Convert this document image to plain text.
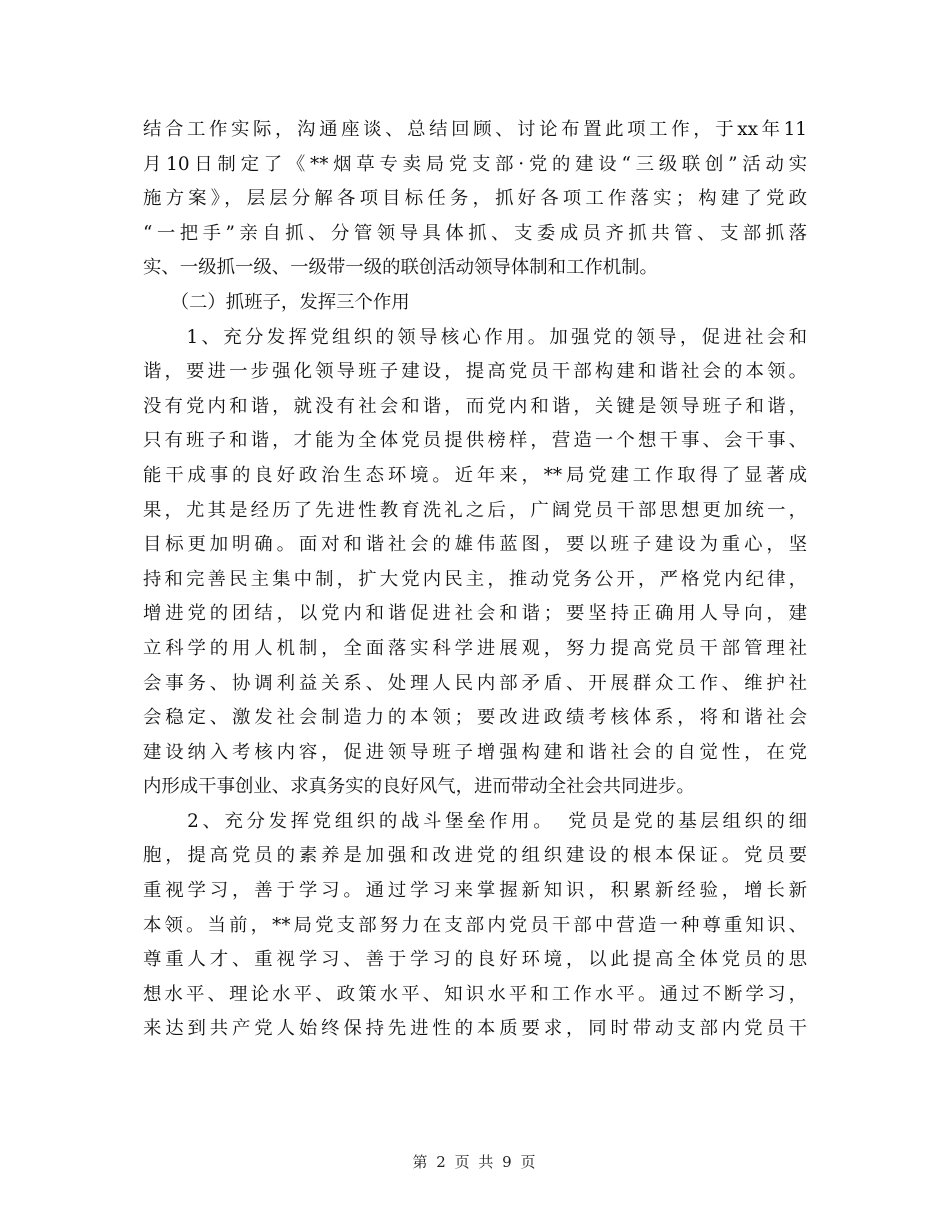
结合工作实际，沟通座谈、总结回顾、讨论布置此项工作，于xx年11
月10日制定了《**烟草专卖局党支部·党的建设“三级联创”活动实
施方案》，层层分解各项目标任务，抓好各项工作落实；构建了党政
“一把手”亲自抓、分管领导具体抓、支委成员齐抓共管、支部抓落
实、一级抓一级、一级带一级的联创活动领导体制和工作机制。
　　（二）抓班子，发挥三个作用
　　1、充分发挥党组织的领导核心作用。加强党的领导，促进社会和
谐，要进一步强化领导班子建设，提高党员干部构建和谐社会的本领。
没有党内和谐，就没有社会和谐，而党内和谐，关键是领导班子和谐，
只有班子和谐，才能为全体党员提供榜样，营造一个想干事、会干事、
能干成事的良好政治生态环境。近年来，**局党建工作取得了显著成
果，尤其是经历了先进性教育洗礼之后，广阔党员干部思想更加统一，
目标更加明确。面对和谐社会的雄伟蓝图，要以班子建设为重心，坚
持和完善民主集中制，扩大党内民主，推动党务公开，严格党内纪律，
增进党的团结，以党内和谐促进社会和谐；要坚持正确用人导向，建
立科学的用人机制，全面落实科学进展观，努力提高党员干部管理社
会事务、协调利益关系、处理人民内部矛盾、开展群众工作、维护社
会稳定、激发社会制造力的本领；要改进政绩考核体系，将和谐社会
建设纳入考核内容，促进领导班子增强构建和谐社会的自觉性，在党
内形成干事创业、求真务实的良好风气，进而带动全社会共同进步。
　　2、充分发挥党组织的战斗堡垒作用。　党员是党的基层组织的细
胞，提高党员的素养是加强和改进党的组织建设的根本保证。党员要
重视学习，善于学习。通过学习来掌握新知识，积累新经验，增长新
本领。当前，**局党支部努力在支部内党员干部中营造一种尊重知识、
尊重人才、重视学习、善于学习的良好环境，以此提高全体党员的思
想水平、理论水平、政策水平、知识水平和工作水平。通过不断学习，
来达到共产党人始终保持先进性的本质要求，同时带动支部内党员干
第 2 页 共 9 页
